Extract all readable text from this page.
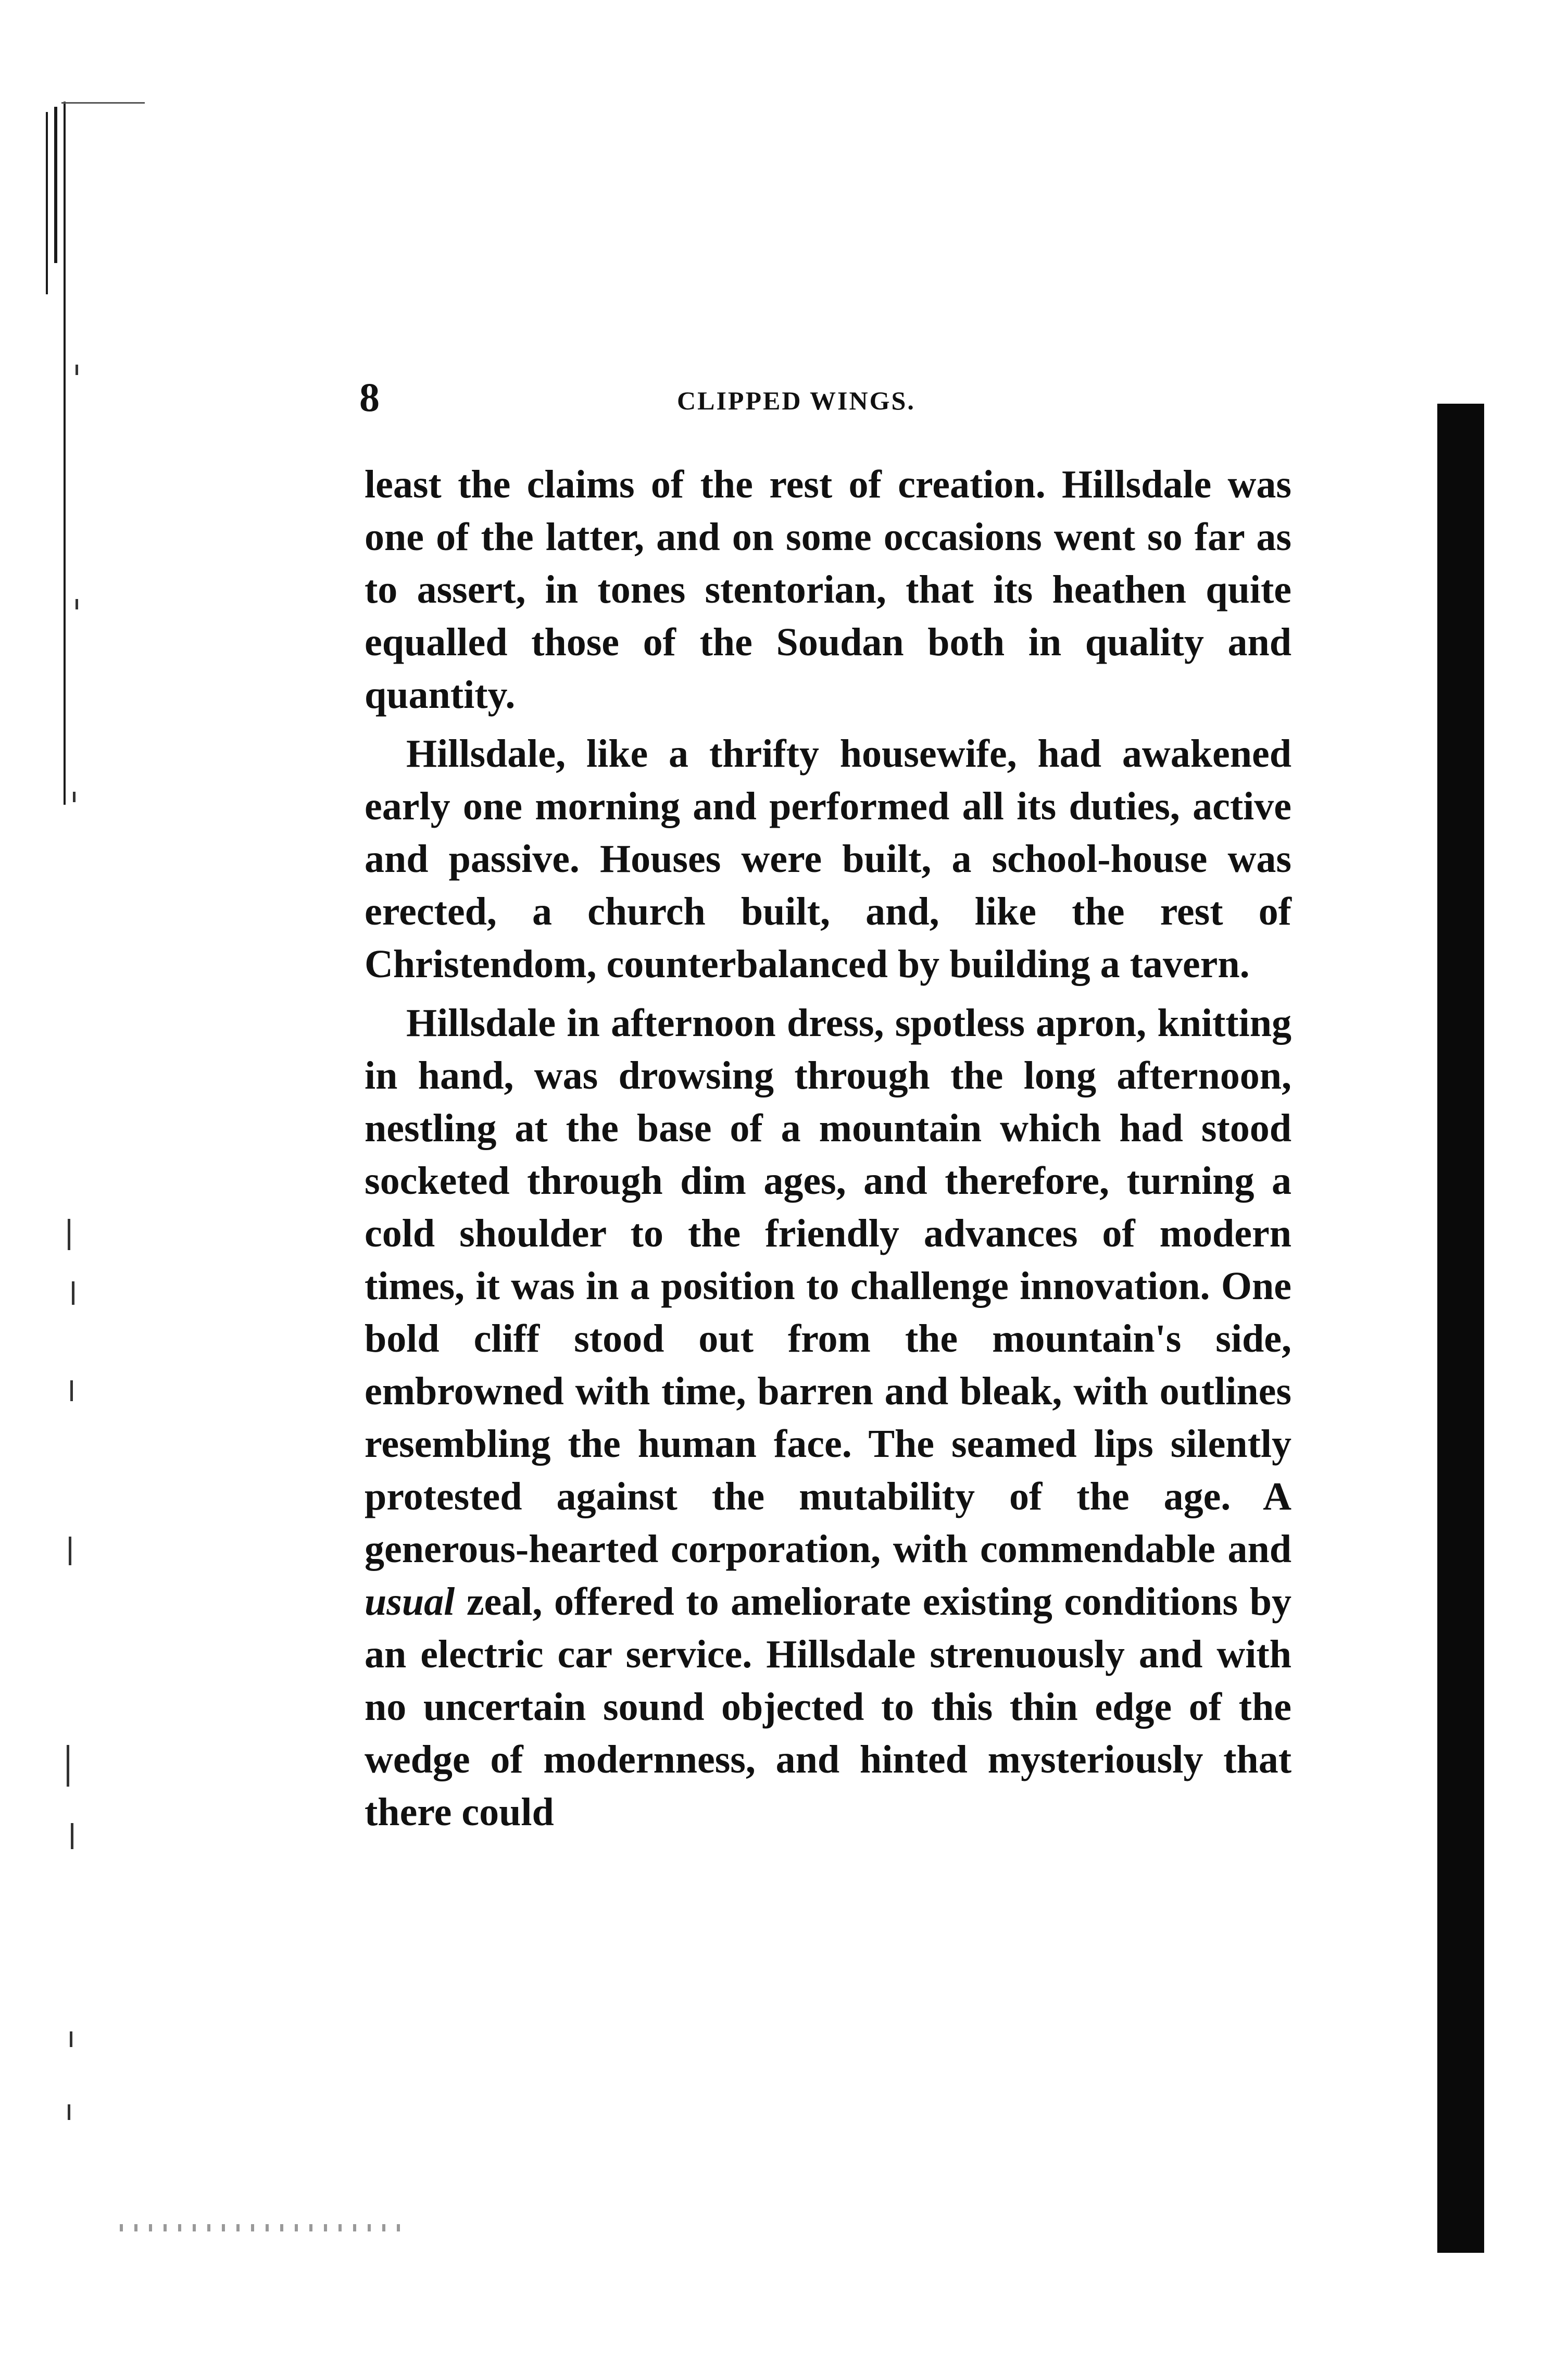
8	CLIPPED WINGS.

least the claims of the rest of creation. Hillsdale was one of the latter, and on some occasions went so far as to assert, in tones stentorian, that its heathen quite equalled those of the Soudan both in quality and quantity.

Hillsdale, like a thrifty housewife, had awakened early one morning and performed all its duties, active and passive. Houses were built, a school-house was erected, a church built, and, like the rest of Christendom, counterbalanced by building a tavern.

Hillsdale in afternoon dress, spotless apron, knitting in hand, was drowsing through the long afternoon, nestling at the base of a mountain which had stood socketed through dim ages, and therefore, turning a cold shoulder to the friendly advances of modern times, it was in a position to challenge innovation. One bold cliff stood out from the mountain's side, embrowned with time, barren and bleak, with outlines resembling the human face. The seamed lips silently protested against the mutability of the age. A generous-hearted corporation, with commendable and usual zeal, offered to ameliorate existing conditions by an electric car service. Hillsdale strenuously and with no uncertain sound objected to this thin edge of the wedge of modernness, and hinted mysteriously that there could
